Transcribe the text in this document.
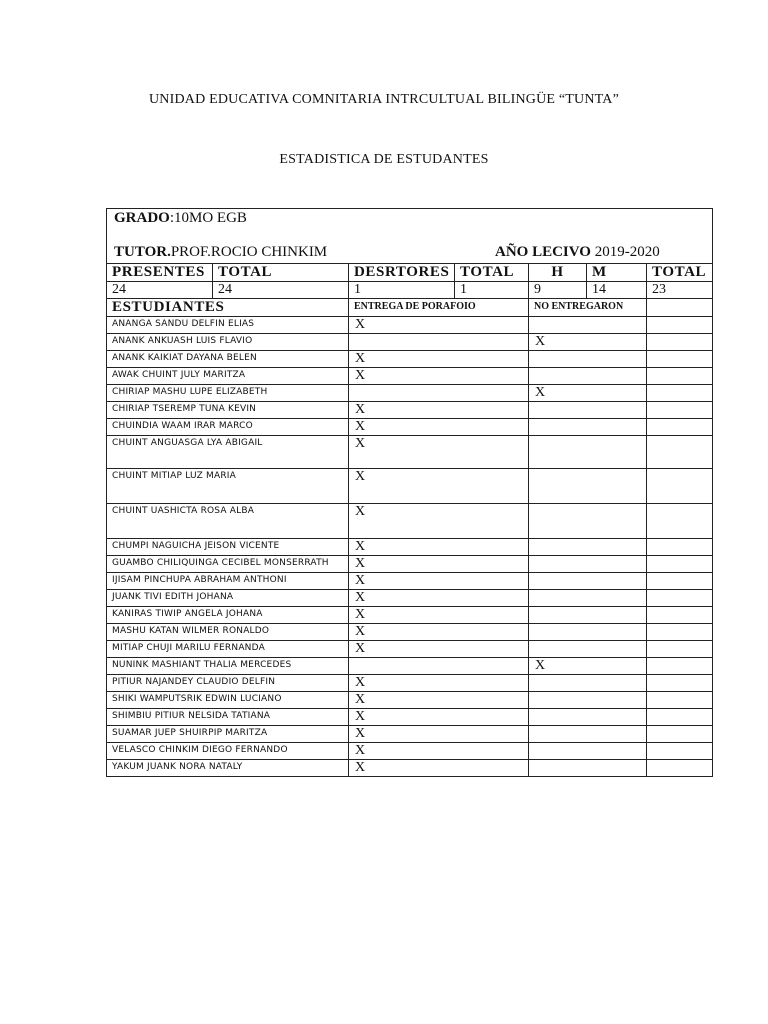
UNIDAD EDUCATIVA COMNITARIA INTRCULTUAL BILINGÜE “TUNTA”
ESTADISTICA DE ESTUDANTES
GRADO:10MO EGB
TUTOR.PROF.ROCIO CHINKIM AÑO LECIVO 2019-2020						

PRESENTES	TOTAL	DESRTORES	TOTAL	H	M	TOTAL
24	24	1	1	9	14	23
ESTUDIANTES		ENTREGA DE PORAFOIO		NO ENTREGARON		
ANANGA SANDU DELFIN ELIAS		X				
ANANK ANKUASH LUIS FLAVIO				X		
ANANK KAIKIAT DAYANA BELEN		X				
AWAK CHUINT JULY MARITZA		X				
CHIRIAP MASHU LUPE ELIZABETH				X		
CHIRIAP TSEREMP TUNA KEVIN		X				
CHUINDIA WAAM IRAR MARCO		X				
CHUINT ANGUASGA LYA ABIGAIL		X				
CHUINT MITIAP LUZ MARIA		X				
CHUINT UASHICTA ROSA ALBA		X				
CHUMPI NAGUICHA JEISON VICENTE		X				
GUAMBO CHILIQUINGA CECIBEL MONSERRATH		X				
IJISAM PINCHUPA ABRAHAM ANTHONI		X				
JUANK TIVI EDITH JOHANA		X				
KANIRAS TIWIP ANGELA JOHANA		X				
MASHU KATAN WILMER RONALDO		X				
MITIAP CHUJI MARILU FERNANDA		X				
NUNINK MASHIANT THALIA MERCEDES				X		
PITIUR NAJANDEY CLAUDIO DELFIN		X				
SHIKI WAMPUTSRIK EDWIN LUCIANO		X				
SHIMBIU PITIUR NELSIDA TATIANA		X				
SUAMAR JUEP SHUIRPIP MARITZA		X				
VELASCO CHINKIM DIEGO FERNANDO		X				
YAKUM JUANK NORA NATALY		X				
